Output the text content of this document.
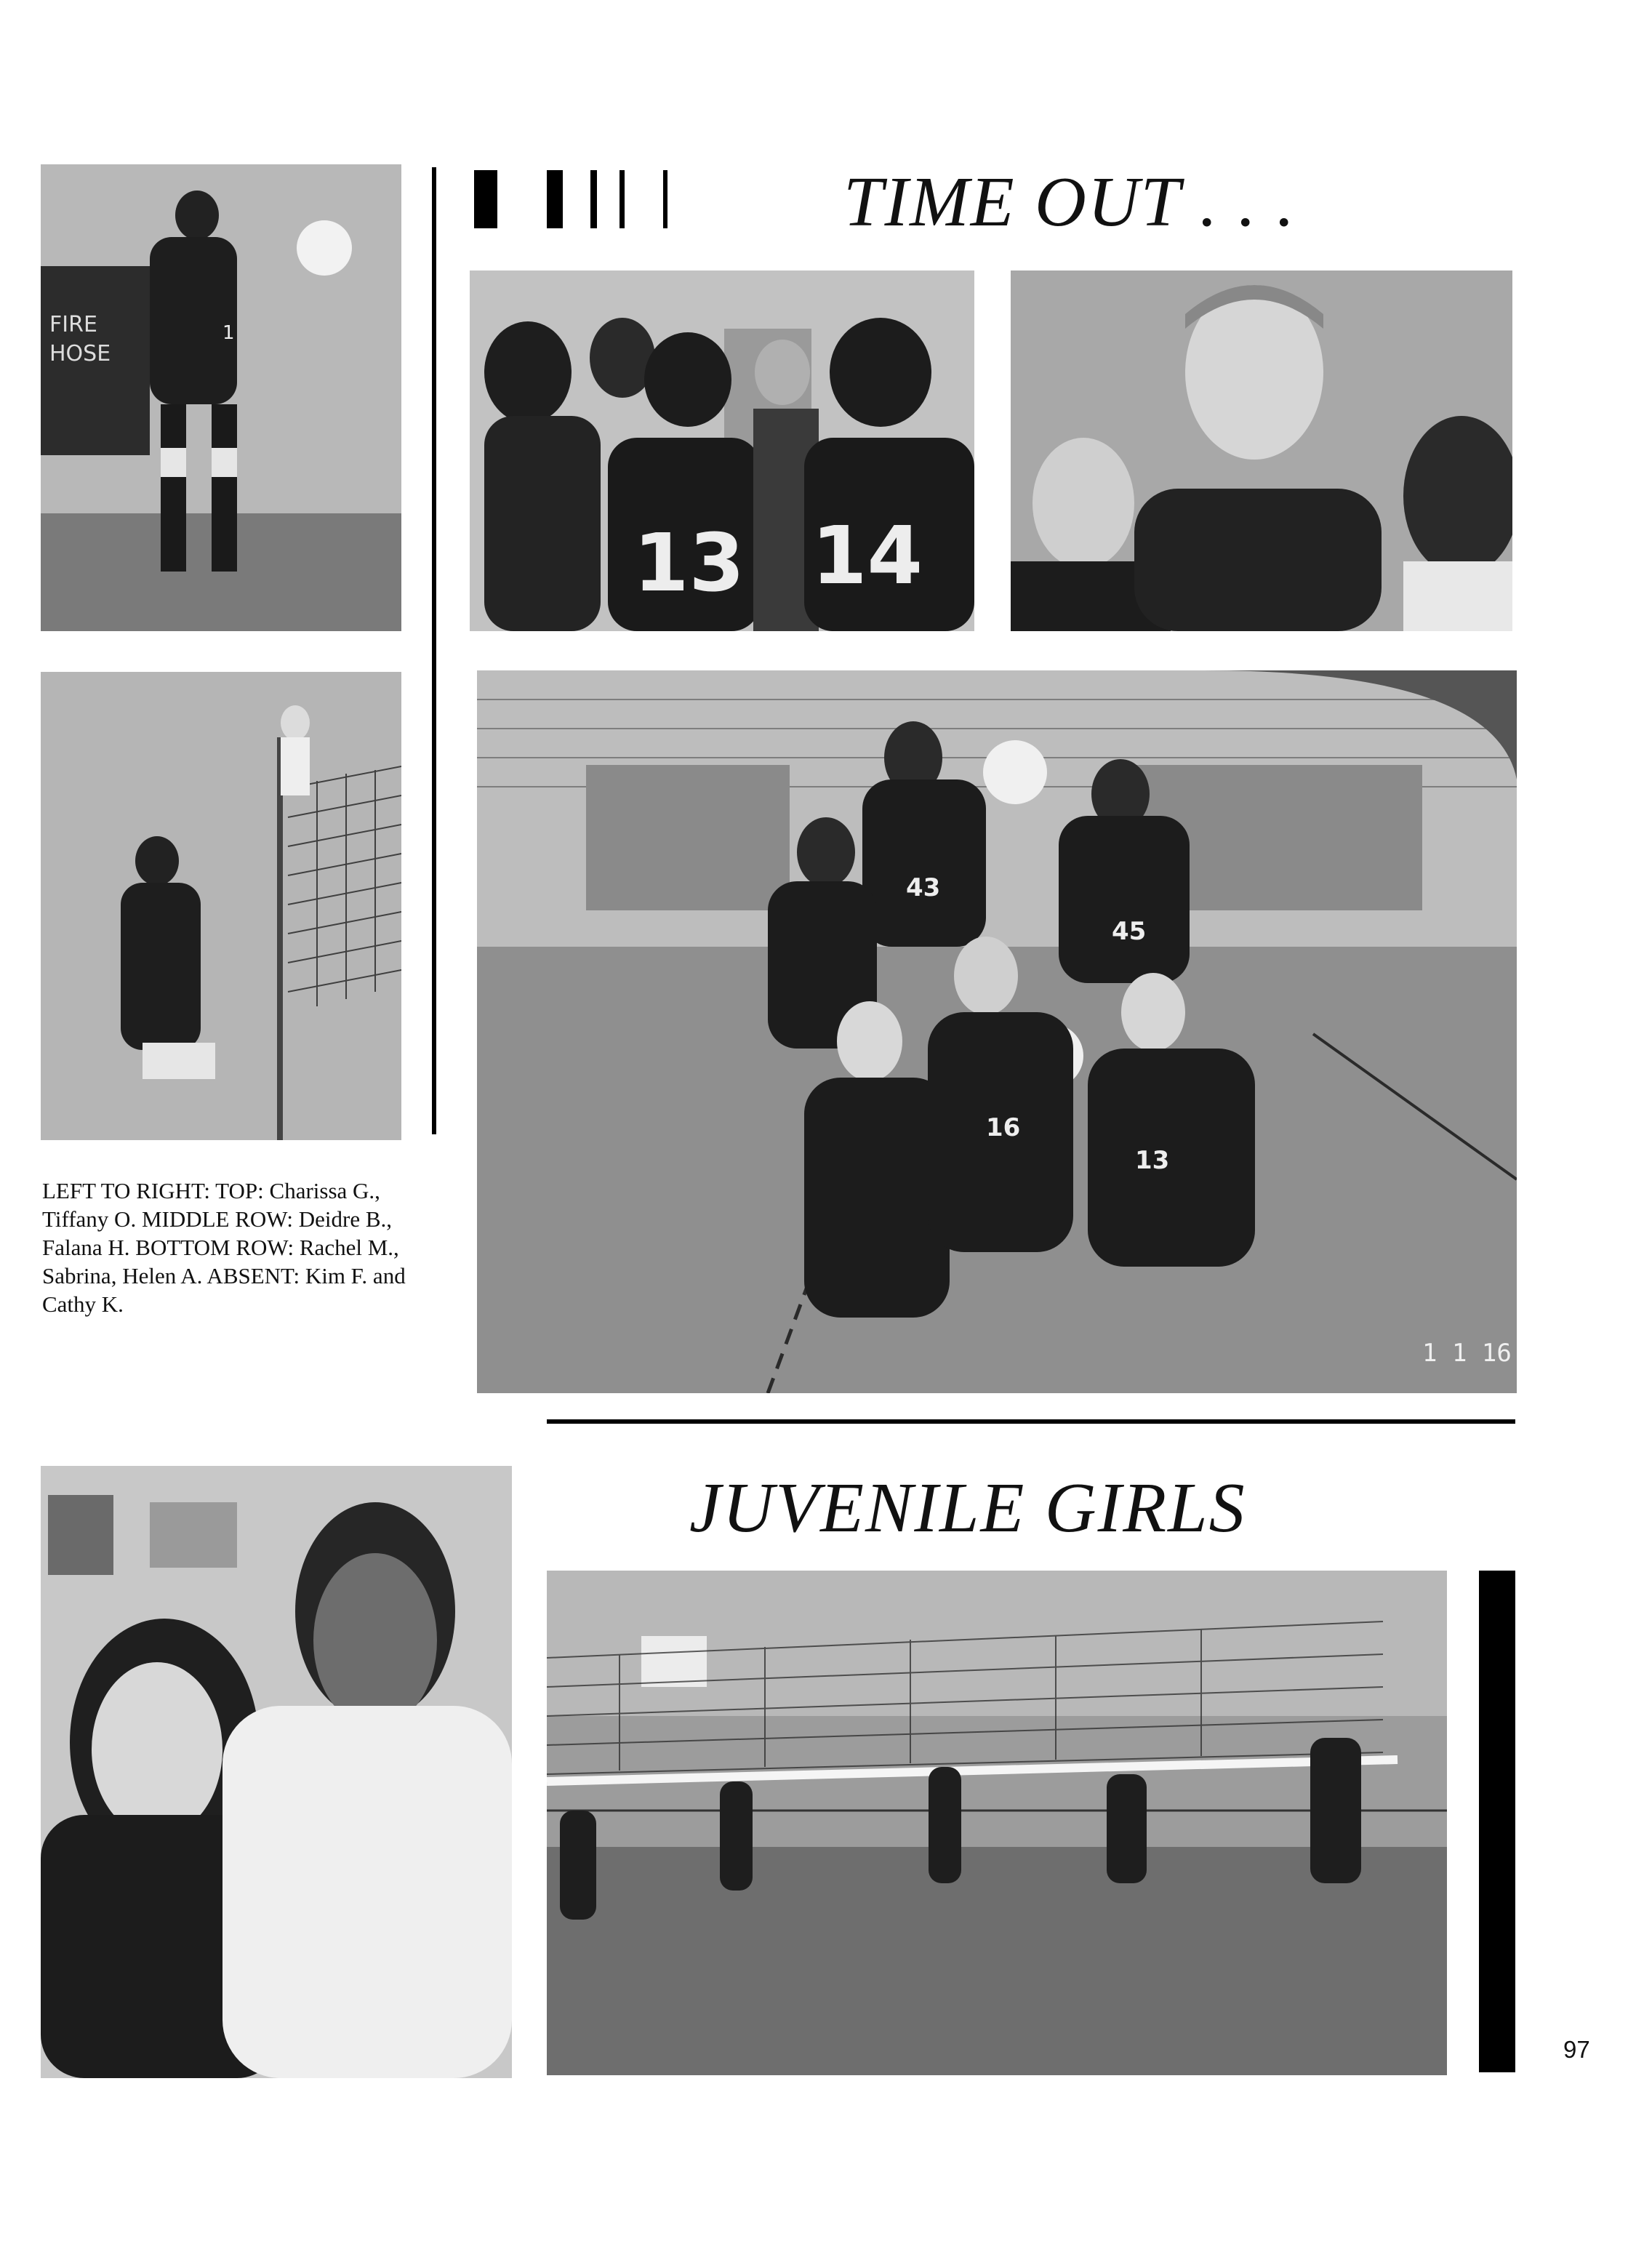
TIME OUT . . .
FIRE
HOSE
1
13 14
43
45
16
13
1 1 16

LEFT TO RIGHT: TOP: Charissa G., Tiffany O. MIDDLE ROW: Deidre B., Falana H. BOTTOM ROW: Rachel M., Sabrina, Helen A. ABSENT: Kim F. and Cathy K.

JUVENILE GIRLS
97
